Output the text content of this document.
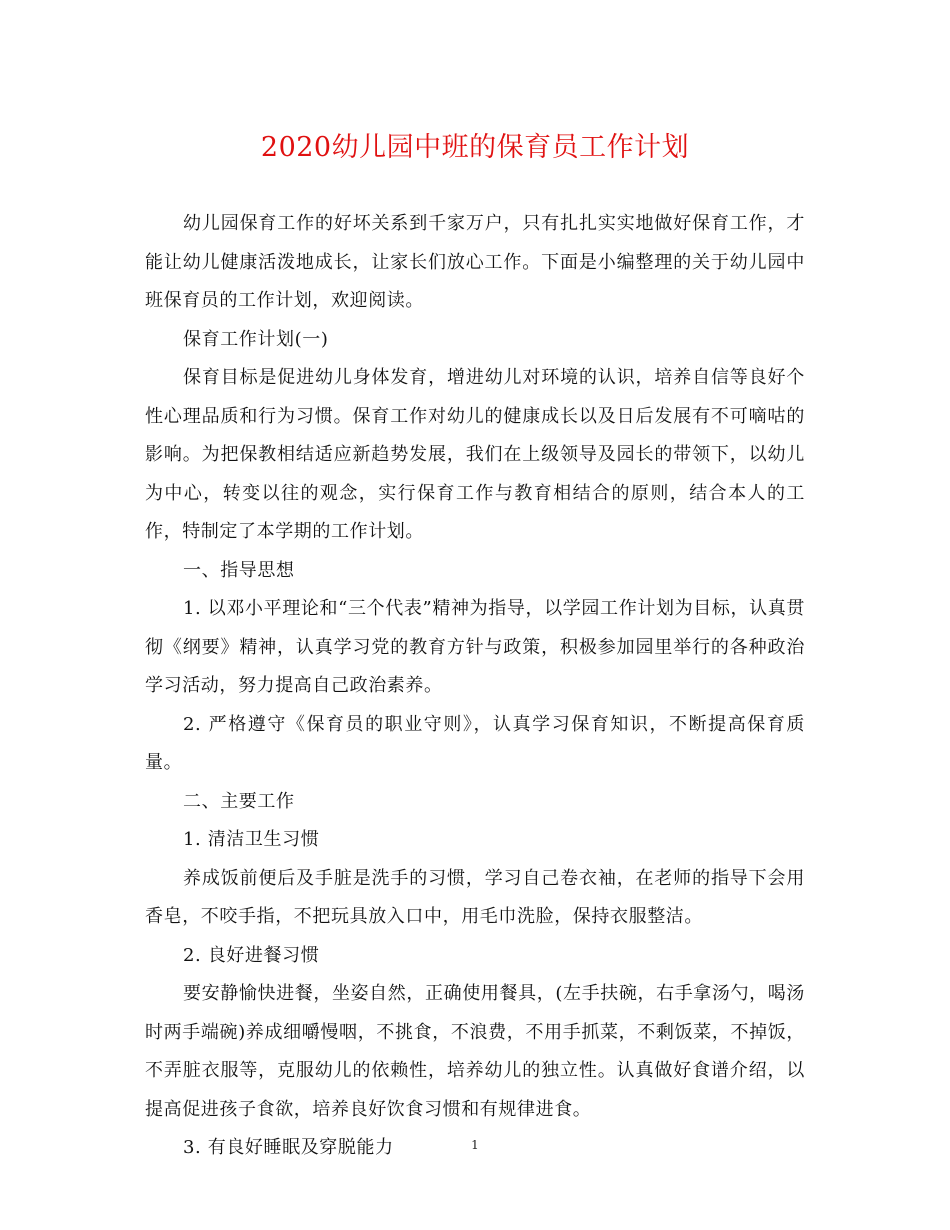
2020幼儿园中班的保育员工作计划

幼儿园保育工作的好坏关系到千家万户，只有扎扎实实地做好保育工作，才能让幼儿健康活泼地成长，让家长们放心工作。下面是小编整理的关于幼儿园中班保育员的工作计划，欢迎阅读。

保育工作计划(一)

保育目标是促进幼儿身体发育，增进幼儿对环境的认识，培养自信等良好个性心理品质和行为习惯。保育工作对幼儿的健康成长以及日后发展有不可嘀咕的影响。为把保教相结适应新趋势发展，我们在上级领导及园长的带领下，以幼儿为中心，转变以往的观念，实行保育工作与教育相结合的原则，结合本人的工作，特制定了本学期的工作计划。

一、指导思想

1. 以邓小平理论和“三个代表”精神为指导，以学园工作计划为目标，认真贯彻《纲要》精神，认真学习党的教育方针与政策，积极参加园里举行的各种政治学习活动，努力提高自己政治素养。

2. 严格遵守《保育员的职业守则》，认真学习保育知识，不断提高保育质量。

二、主要工作

1. 清洁卫生习惯

养成饭前便后及手脏是洗手的习惯，学习自己卷衣袖，在老师的指导下会用香皂，不咬手指，不把玩具放入口中，用毛巾洗脸，保持衣服整洁。

2. 良好进餐习惯

要安静愉快进餐，坐姿自然，正确使用餐具，(左手扶碗，右手拿汤勺，喝汤时两手端碗)养成细嚼慢咽，不挑食，不浪费，不用手抓菜，不剩饭菜，不掉饭，不弄脏衣服等，克服幼儿的依赖性，培养幼儿的独立性。认真做好食谱介绍，以提高促进孩子食欲，培养良好饮食习惯和有规律进食。

3. 有良好睡眠及穿脱能力	1
